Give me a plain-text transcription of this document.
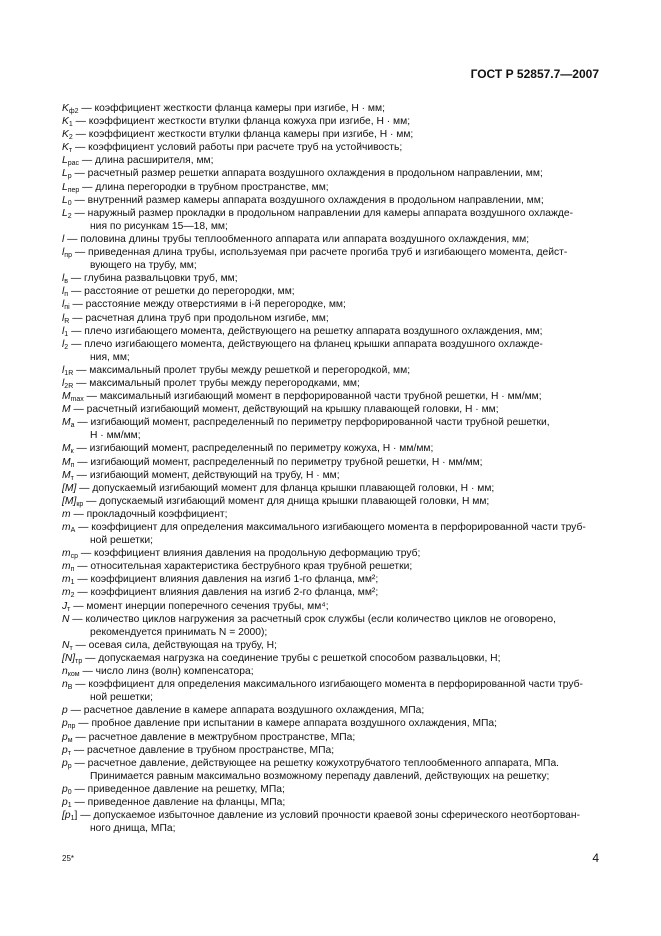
ГОСТ Р 52857.7—2007
$K_{ф2}$ — коэффициент жесткости фланца камеры при изгибе, Н · мм;
$K_1$ — коэффициент жесткости втулки фланца кожуха при изгибе, Н · мм;
$K_2$ — коэффициент жесткости втулки фланца камеры при изгибе, Н · мм;
$K_т$ — коэффициент условий работы при расчете труб на устойчивость;
$L_{рас}$ — длина расширителя, мм;
$L_р$ — расчетный размер решетки аппарата воздушного охлаждения в продольном направлении, мм;
$L_{пер}$ — длина перегородки в трубном пространстве, мм;
$L_0$ — внутренний размер камеры аппарата воздушного охлаждения в продольном направлении, мм;
$L_2$ — наружный размер прокладки в продольном направлении для камеры аппарата воздушного охлажде-
ния по рисункам 15—18, мм;
l — половина длины трубы теплообменного аппарата или аппарата воздушного охлаждения, мм;
$l_{пр}$ — приведенная длина трубы, используемая при расчете прогиба труб и изгибающего момента, дейст-
вующего на трубу, мм;
$l_в$ — глубина развальцовки труб, мм;
$l_п$ — расстояние от решетки до перегородки, мм;
$l_{пi}$ — расстояние между отверстиями в i-й перегородке, мм;
$l_R$ — расчетная длина труб при продольном изгибе, мм;
$l_1$ — плечо изгибающего момента, действующего на решетку аппарата воздушного охлаждения, мм;
$l_2$ — плечо изгибающего момента, действующего на фланец крышки аппарата воздушного охлажде-
ния, мм;
$l_{1R}$ — максимальный пролет трубы между решеткой и перегородкой, мм;
$l_{2R}$ — максимальный пролет трубы между перегородками, мм;
$M_{max}$ — максимальный изгибающий момент в перфорированной части трубной решетки, Н · мм/мм;
M — расчетный изгибающий момент, действующий на крышку плавающей головки, Н · мм;
$M_a$ — изгибающий момент, распределенный по периметру перфорированной части трубной решетки,
Н · мм/мм;
$M_к$ — изгибающий момент, распределенный по периметру кожуха, Н · мм/мм;
$M_п$ — изгибающий момент, распределенный по периметру трубной решетки, Н · мм/мм;
$M_т$ — изгибающий момент, действующий на трубу, Н · мм;
[M] — допускаемый изгибающий момент для фланца крышки плавающей головки, Н · мм;
$[M]_{кр}$ — допускаемый изгибающий момент для днища крышки плавающей головки, Н мм;
m — прокладочный коэффициент;
$m_A$ — коэффициент для определения максимального изгибающего момента в перфорированной части труб-
ной решетки;
$m_{ср}$ — коэффициент влияния давления на продольную деформацию труб;
$m_п$ — относительная характеристика беструбного края трубной решетки;
$m_1$ — коэффициент влияния давления на изгиб 1-го фланца, мм²;
$m_2$ — коэффициент влияния давления на изгиб 2-го фланца, мм²;
$J_т$ — момент инерции поперечного сечения трубы, мм⁴;
N — количество циклов нагружения за расчетный срок службы (если количество циклов не оговорено,
рекомендуется принимать N = 2000);
$N_т$ — осевая сила, действующая на трубу, Н;
$[N]_{тр}$ — допускаемая нагрузка на соединение трубы с решеткой способом развальцовки, Н;
$n_{ком}$ — число линз (волн) компенсатора;
$n_B$ — коэффициент для определения максимального изгибающего момента в перфорированной части труб-
ной решетки;
p — расчетное давление в камере аппарата воздушного охлаждения, МПа;
$p_{пр}$ — пробное давление при испытании в камере аппарата воздушного охлаждения, МПа;
$p_м$ — расчетное давление в межтрубном пространстве, МПа;
$p_т$ — расчетное давление в трубном пространстве, МПа;
$p_р$ — расчетное давление, действующее на решетку кожухотрубчатого теплообменного аппарата, МПа.
Принимается равным максимально возможному перепаду давлений, действующих на решетку;
$p_0$ — приведенное давление на решетку, МПа;
$p_1$ — приведенное давление на фланцы, МПа;
$[p_1]$ — допускаемое избыточное давление из условий прочности краевой зоны сферического неотбортован-
ного днища, МПа;
25*	4
